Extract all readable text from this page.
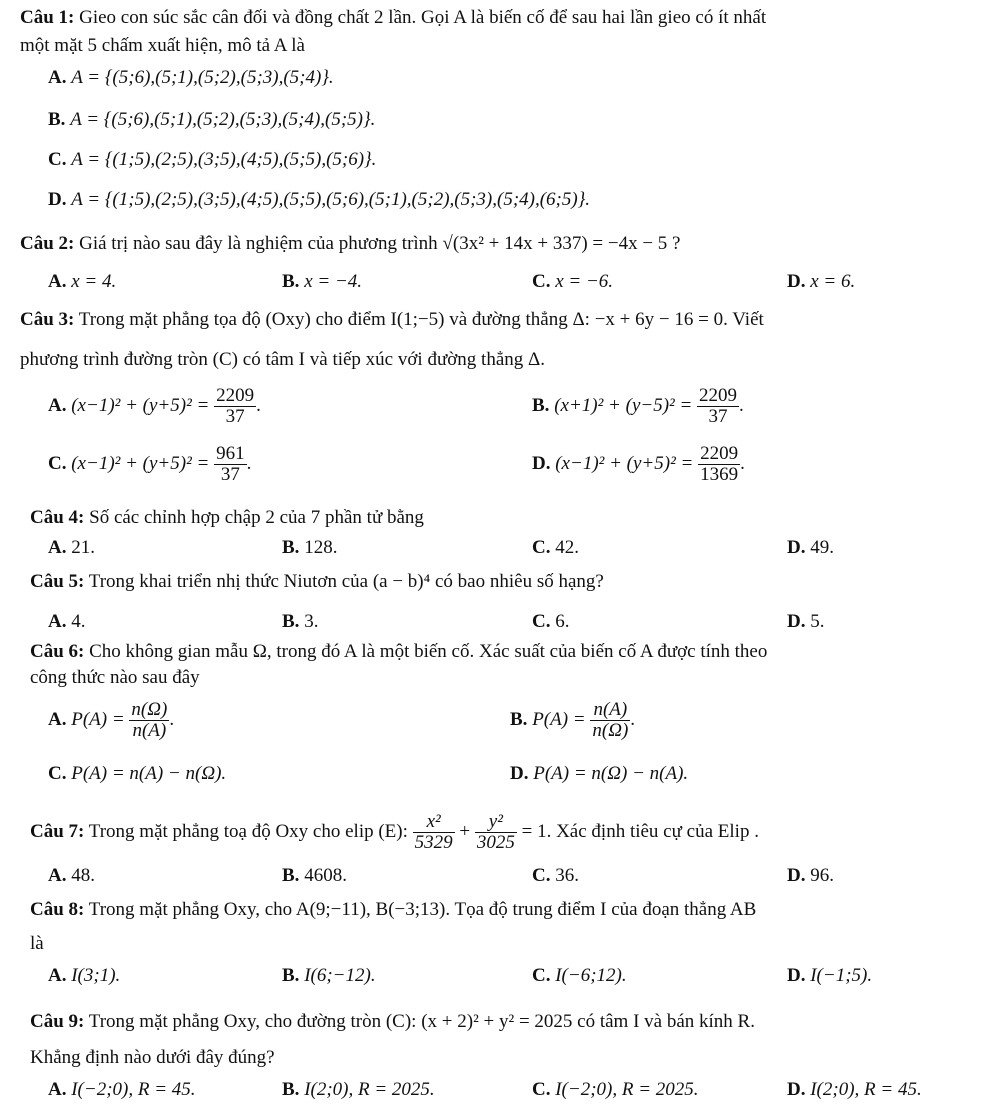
Câu 1: Gieo con súc sắc cân đối và đồng chất 2 lần. Gọi A là biến cố để sau hai lần gieo có ít nhất
một mặt 5 chấm xuất hiện, mô tả A là
A. A = {(5;6),(5;1),(5;2),(5;3),(5;4)}.
B. A = {(5;6),(5;1),(5;2),(5;3),(5;4),(5;5)}.
C. A = {(1;5),(2;5),(3;5),(4;5),(5;5),(5;6)}.
D. A = {(1;5),(2;5),(3;5),(4;5),(5;5),(5;6),(5;1),(5;2),(5;3),(5;4),(6;5)}.
Câu 2: Giá trị nào sau đây là nghiệm của phương trình √(3x² + 14x + 337) = −4x − 5 ?
A. x = 4.	B. x = −4.	C. x = −6.	D. x = 6.
Câu 3: Trong mặt phẳng tọa độ (Oxy) cho điểm I(1;−5) và đường thẳng Δ: −x + 6y − 16 = 0. Viết
phương trình đường tròn (C) có tâm I và tiếp xúc với đường thẳng Δ.
A. $(x-1)^2 + (y+5)^2 = \frac{2209}{37}$ .	B. $(x+1)^2 + (y-5)^2 = \frac{2209}{37}$ .
C. $(x-1)^2 + (y+5)^2 = \frac{961}{37}$ .	D. $(x-1)^2 + (y+5)^2 = \frac{2209}{1369}$ .
Câu 4: Số các chỉnh hợp chập 2 của 7 phần tử bằng
A. 21.	B. 128.	C. 42.	D. 49.
Câu 5: Trong khai triển nhị thức Niutơn của (a − b)⁴ có bao nhiêu số hạng?
A. 4.	B. 3.	C. 6.	D. 5.
Câu 6: Cho không gian mẫu Ω, trong đó A là một biến cố. Xác suất của biến cố A được tính theo
công thức nào sau đây
A. $P(A) = \frac{n(\Omega)}{n(A)}$ .	B. $P(A) = \frac{n(A)}{n(\Omega)}$ .
C. P(A) = n(A) − n(Ω).	D. P(A) = n(Ω) − n(A).
Câu 7: Trong mặt phẳng toạ độ Oxy cho elip (E): $\frac{\text{x²}}{5329} + \frac{\text{y²}}{3025} = 1$. Xác định tiêu cự của Elip .
A. 48.	B. 4608.	C. 36.	D. 96.
Câu 8: Trong mặt phẳng Oxy, cho A(9;−11), B(−3;13). Tọa độ trung điểm I của đoạn thẳng AB
là
A. I(3;1).	B. I(6;−12).	C. I(−6;12).	D. I(−1;5).
Câu 9: Trong mặt phẳng Oxy, cho đường tròn (C): (x + 2)² + y² = 2025 có tâm I và bán kính R.
Khẳng định nào dưới đây đúng?
A. I(−2;0), R = 45.	B. I(2;0), R = 2025.	C. I(−2;0), R = 2025.	D. I(2;0), R = 45.
